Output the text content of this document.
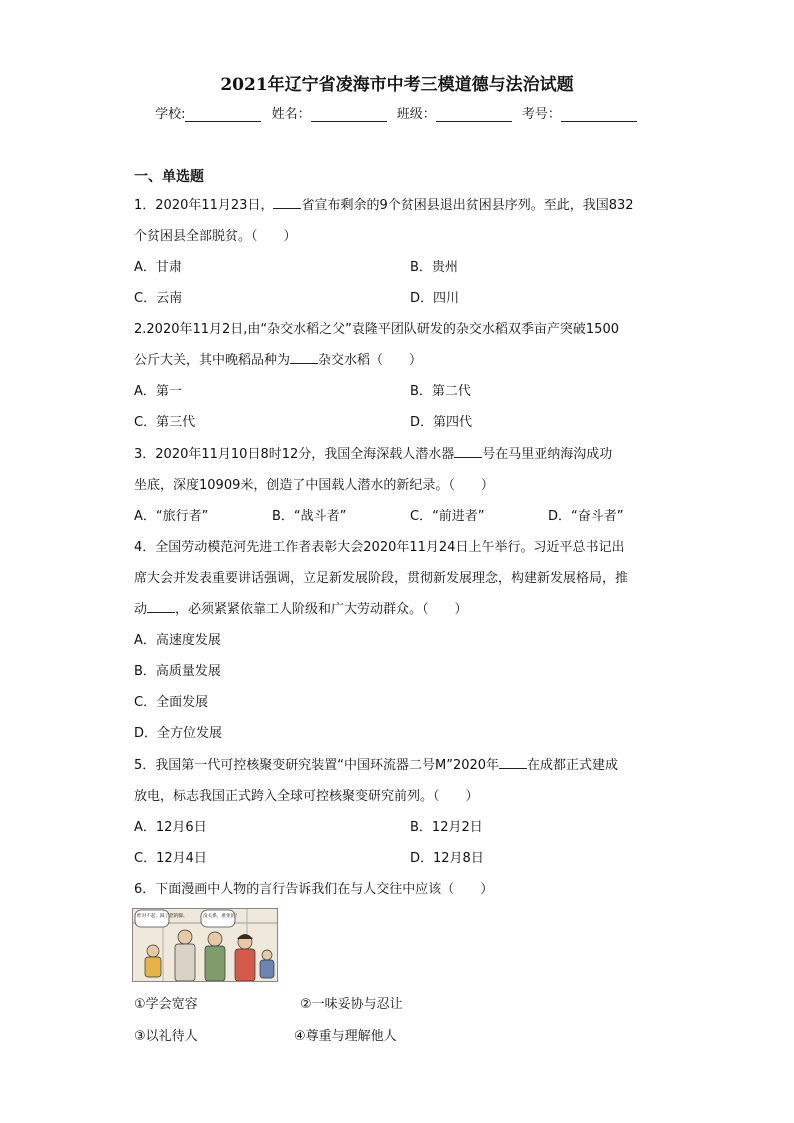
2021年辽宁省凌海市中考三模道德与法治试题
学校:	姓名：	班级：	考号：
一、单选题
1．2020年11月23日， 省宣布剩余的9个贫困县退出贫困县序列。至此，我国832
个贫困县全部脱贫。（　　）
A．甘肃	B．贵州
C．云南	D．四川
2.2020年11月2日,由“杂交水稻之父”袁隆平团队研发的杂交水稻双季亩产突破1500
公斤大关，其中晚稻品种为 杂交水稻（　　）
A．第一	B．第二代
C．第三代	D．第四代
3．2020年11月10日8时12分，我国全海深载人潜水器 号在马里亚纳海沟成功
坐底，深度10909米，创造了中国载人潜水的新纪录。（　　）
A．“旅行者”	B．“战斗者”	C．“前进者”	D．“奋斗者”
4．全国劳动模范河先进工作者表彰大会2020年11月24日上午举行。习近平总书记出
席大会并发表重要讲话强调，立足新发展阶段，贯彻新发展理念，构建新发展格局，推
动 ，必须紧紧依靠工人阶级和广大劳动群众。（　　）
A．高速度发展
B．高质量发展
C．全面发展
D．全方位发展
5．我国第一代可控核聚变研究装置“中国环流器二号M”2020年 在成都正式建成
放电，标志我国正式跨入全球可控核聚变研究前列。（　　）
A．12月6日	B．12月2日
C．12月4日	D．12月8日
6．下面漫画中人物的言行告诉我们在与人交往中应该（　　）
昨对不起，踩了您的脚。	没关系，难免的！
①学会宽容	②一味妥协与忍让
③以礼待人	④尊重与理解他人
